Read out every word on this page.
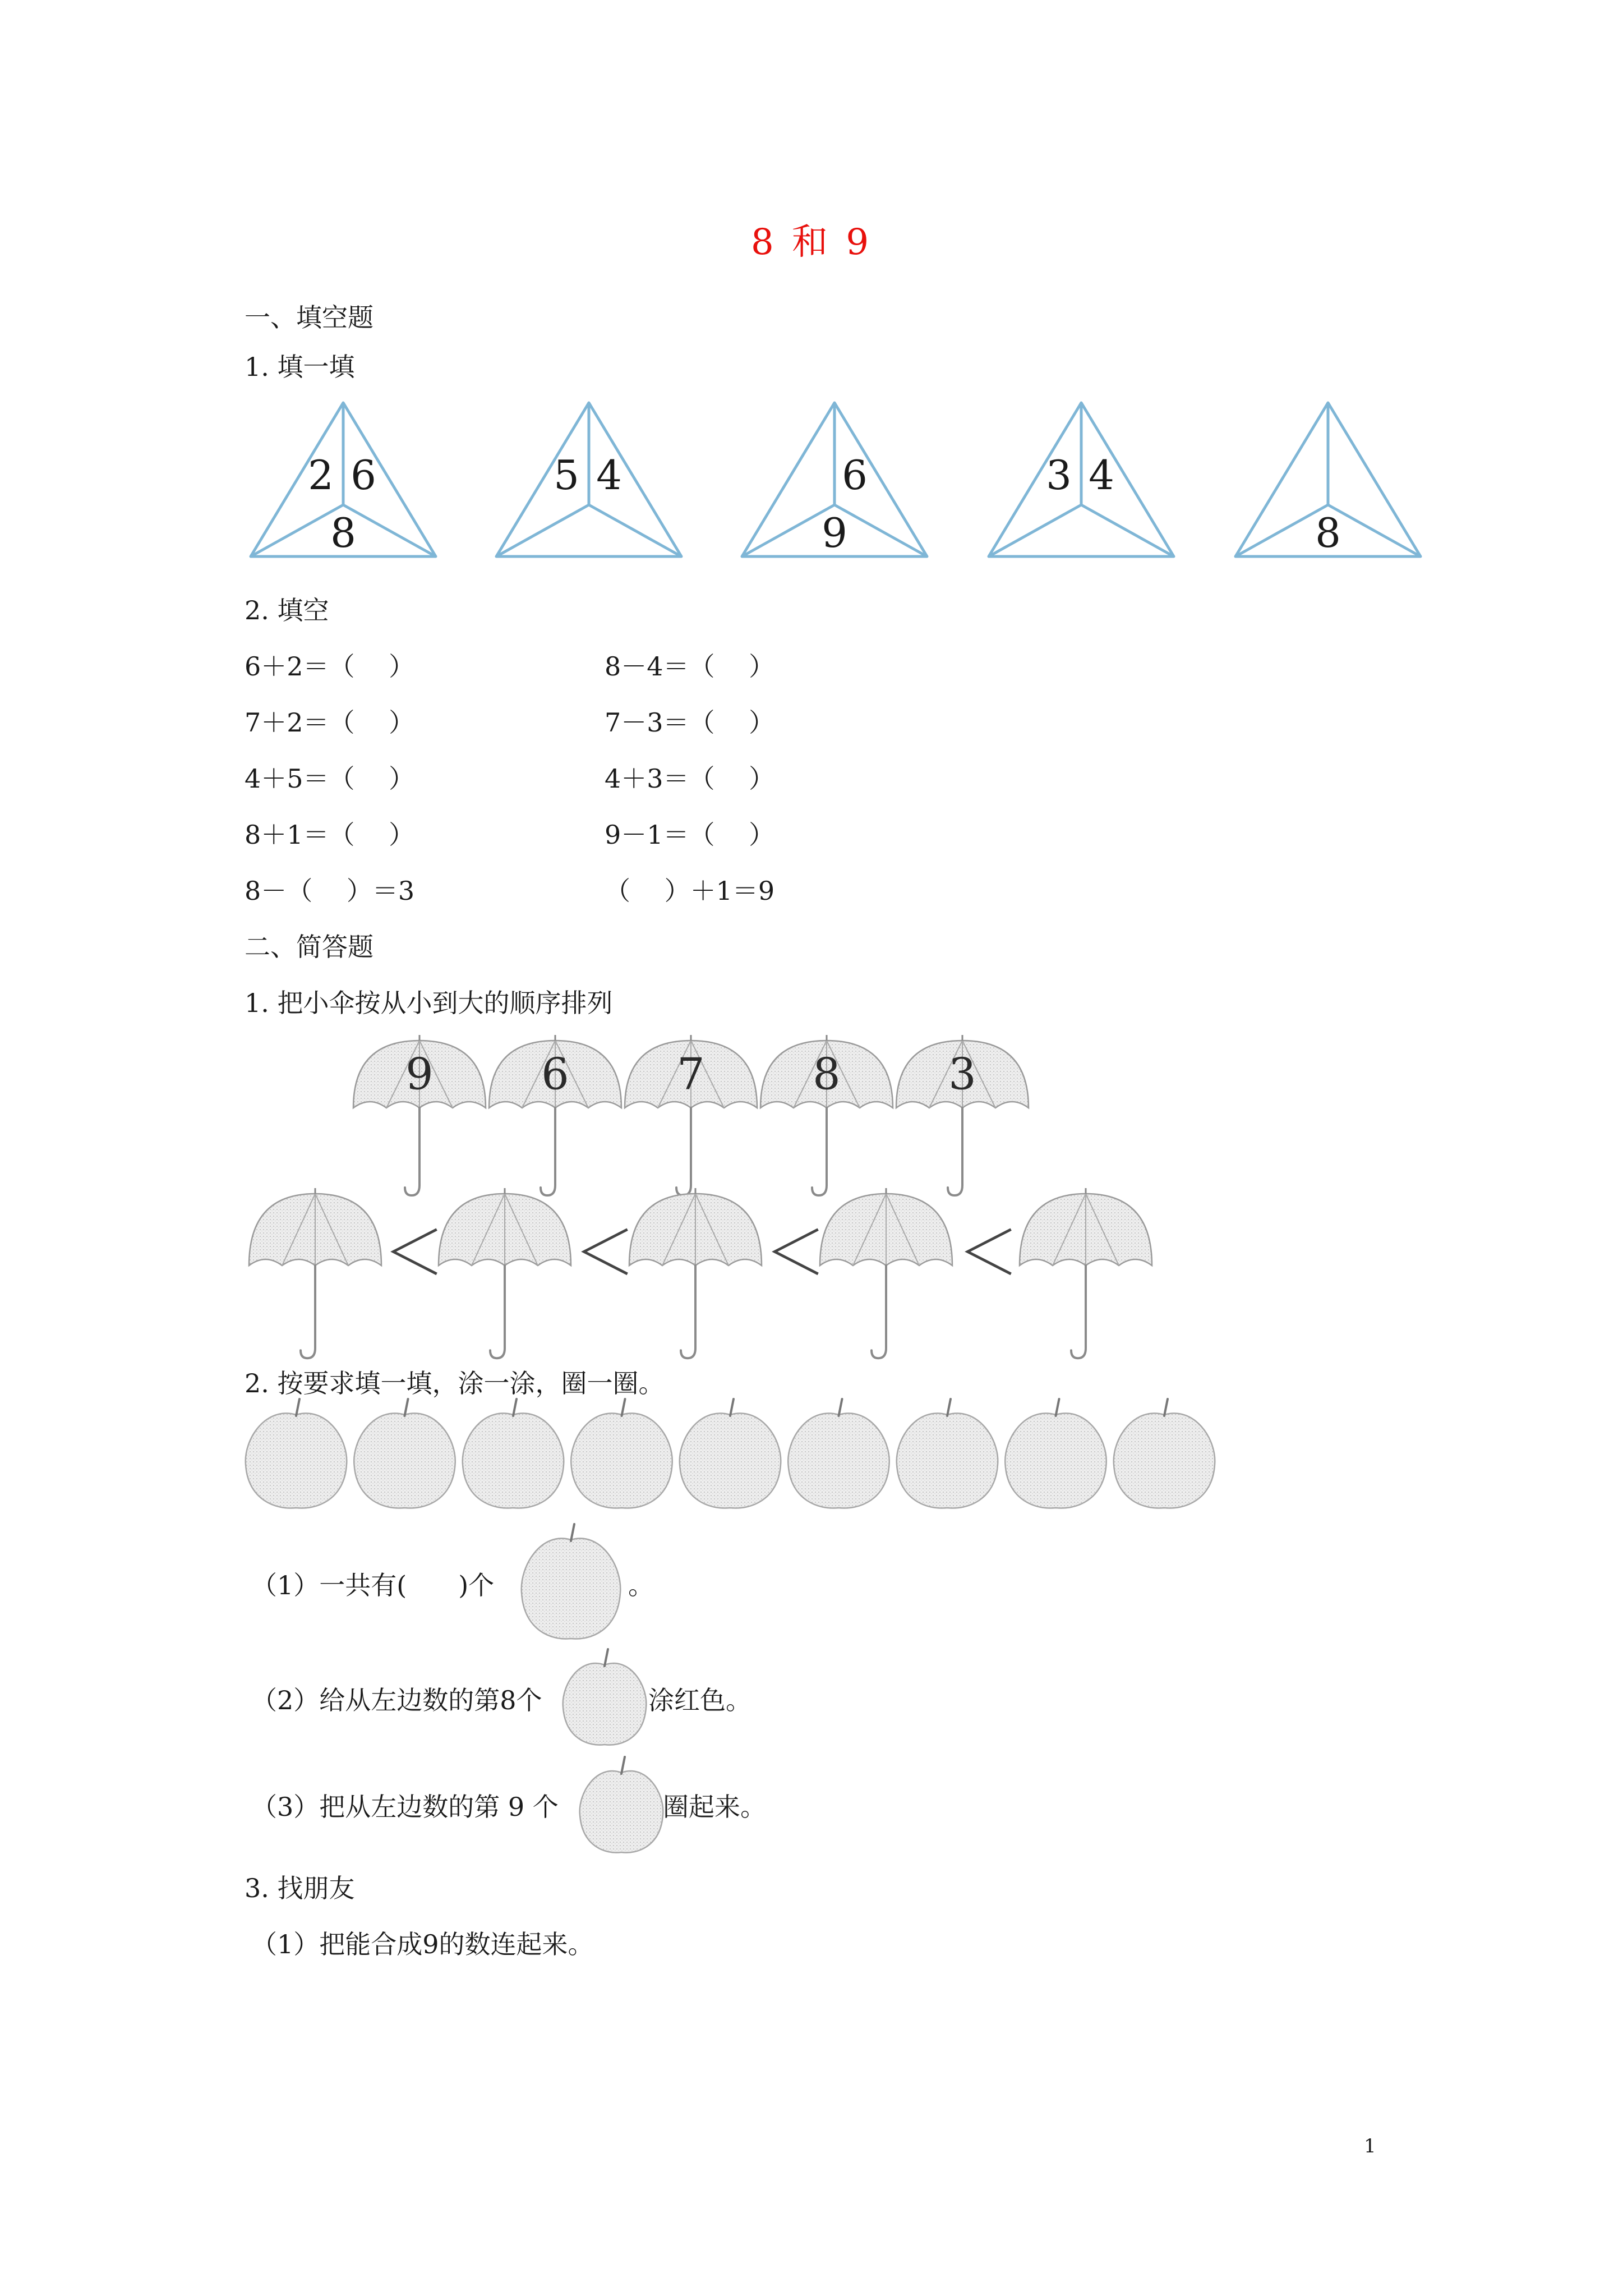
8 和 9
一、填空题
1. 填一填
2 6
8
5 4	6
9
3 4
8
2. 填空
6＋2＝（　 ）	8－4＝（　 ）
7＋2＝（　 ）	7－3＝（　 ）
4＋5＝（　 ）	4＋3＝（　 ）
8＋1＝（　 ）	9－1＝（　 ）
8－（　 ）＝3	（　 ）＋1＝9
二、简答题
1. 把小伞按从小到大的顺序排列
9 6 7 8 3
＜ ＜ ＜ ＜
2. 按要求填一填，涂一涂，圈一圈。
（1）一共有(　　)个	。
（2）给从左边数的第8个	涂红色。
（3）把从左边数的第 9 个	圈起来。
3. 找朋友
（1）把能合成9的数连起来。
1
